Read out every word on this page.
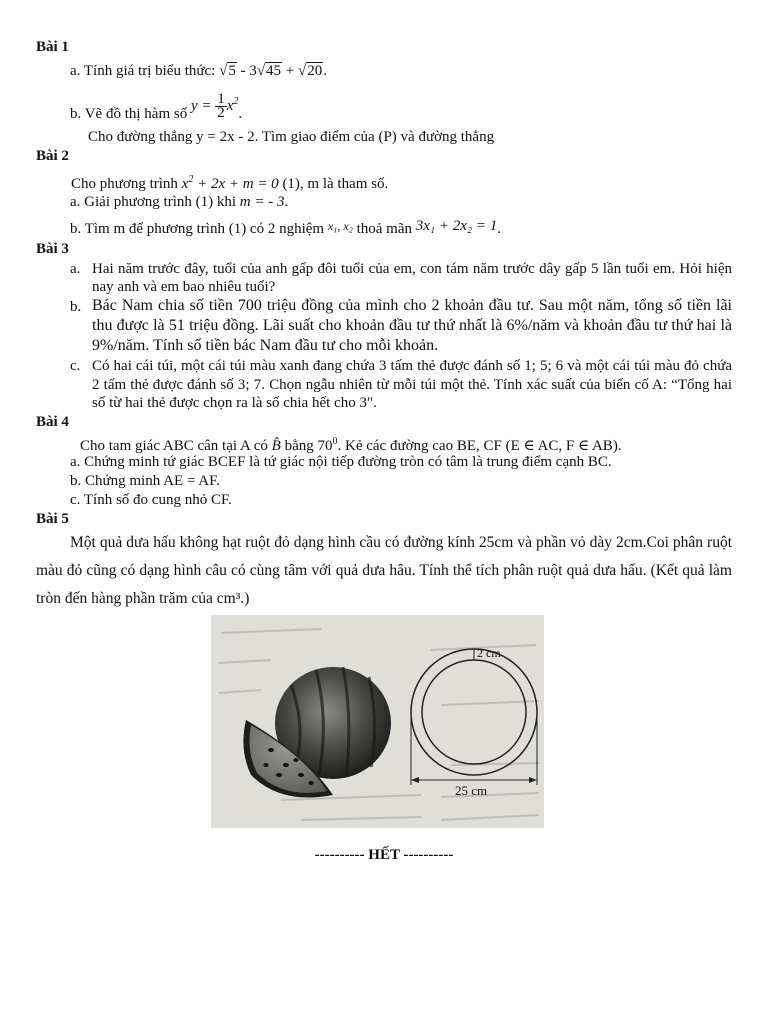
Bài 1
a. Tính giá trị biểu thức: √5 - 3√45 + √20.
b. Vẽ đồ thị hàm số $y = \frac{1}{2} x^2$.
Cho đường thẳng y = 2x - 2. Tìm giao điểm của (P) và đường thẳng
Bài 2
Cho phương trình $x^2 + 2x + m = 0$ (1), m là tham số.
a. Giải phương trình (1) khi m = - 3.
b. Tìm m để phương trình (1) có 2 nghiệm $^{x_1, x_2}$ thoả mãn 3x₁ + 2x₂ = 1.
Bài 3
a. Hai năm trước đây, tuổi của anh gấp đôi tuổi của em, con tám năm trước dây gấp 5 lần tuổi em. Hỏi hiện nay anh và em bao nhiêu tuổi?
b. Bác Nam chia số tiền 700 triệu đồng của mình cho 2 khoản đầu tư. Sau một năm, tổng số tiền lãi thu được là 51 triệu đồng. Lãi suất cho khoản đầu tư thứ nhất là 6%/năm và khoản đầu tư thứ hai là 9%/năm. Tính số tiền bác Nam đầu tư cho mỗi khoản.
c. Có hai cái túi, một cái túi màu xanh đang chứa 3 tấm thẻ được đánh số 1; 5; 6 và một cái túi màu đỏ chứa 2 tấm thẻ được đánh số 3; 7. Chọn ngẫu nhiên từ mỗi túi một thẻ. Tính xác suất của biến cố A: “Tổng hai số từ hai thẻ được chọn ra là số chia hết cho 3".
Bài 4
Cho tam giác ABC cân tại A có B̂ bằng $70^0$. Kẻ các đường cao BE, CF (E ∈ AC, F ∈ AB).
a. Chứng minh tứ giác BCEF là tứ giác nội tiếp đường tròn có tâm là trung điểm cạnh BC.
b. Chứng minh AE = AF.
c. Tính số đo cung nhỏ CF.
Bài 5
Một quả dưa hấu không hạt ruột đỏ dạng hình cầu có đường kính 25cm và phần vỏ dày 2cm.Coi phân ruột màu đỏ cũng có dạng hình câu có cùng tâm với quả dưa hâu. Tính thể tích phân ruột quả dưa hấu. (Kết quả làm tròn đến hàng phần trăm của cm³.)
2 cm
25 cm
---------- HẾT ----------
